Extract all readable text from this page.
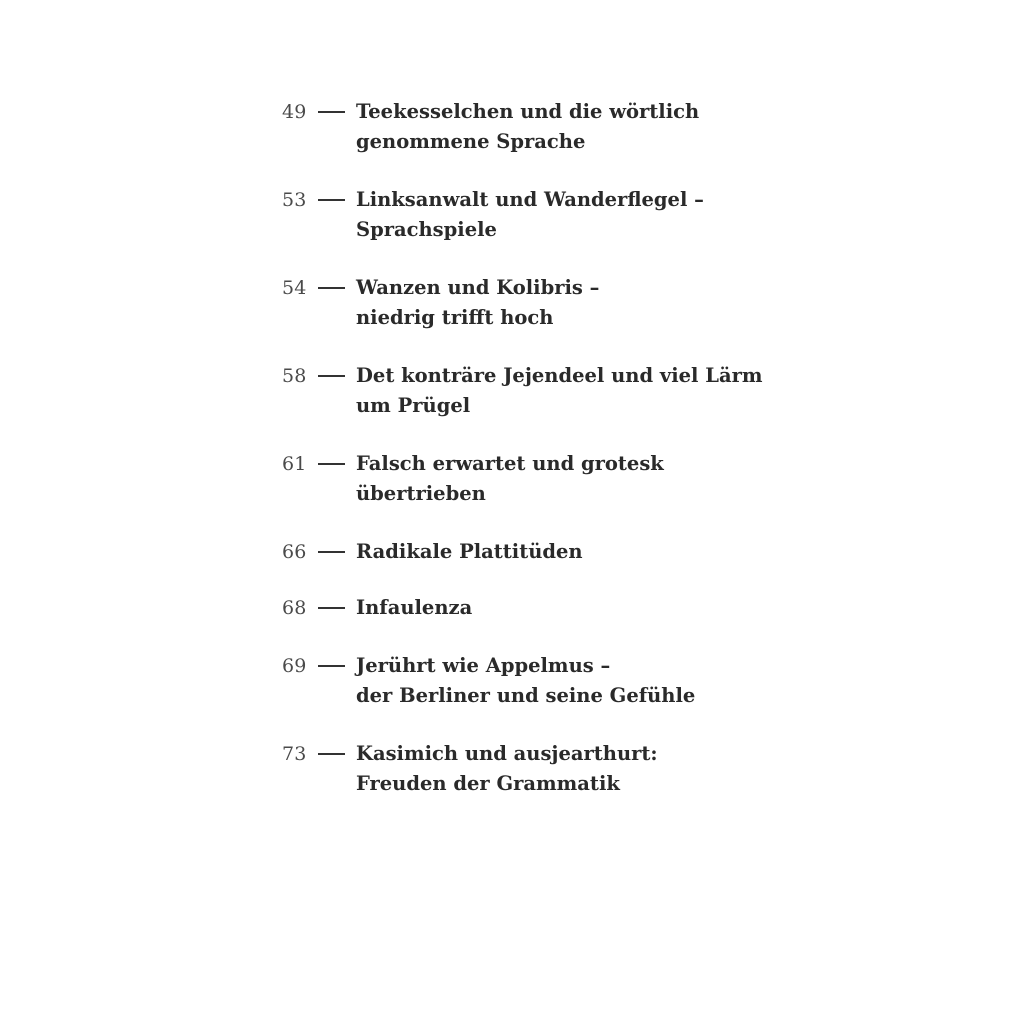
49	Teekesselchen und die wörtlich
genommene Sprache
53	Linksanwalt und Wanderflegel –
Sprachspiele
54	Wanzen und Kolibris –
niedrig trifft hoch
58	Det konträre Jejendeel und viel Lärm
um Prügel
61	Falsch erwartet und grotesk
übertrieben
66	Radikale Plattitüden
68	Infaulenza
69	Jerührt wie Appelmus –
der Berliner und seine Gefühle
73	Kasimich und ausjearthurt:
Freuden der Grammatik
